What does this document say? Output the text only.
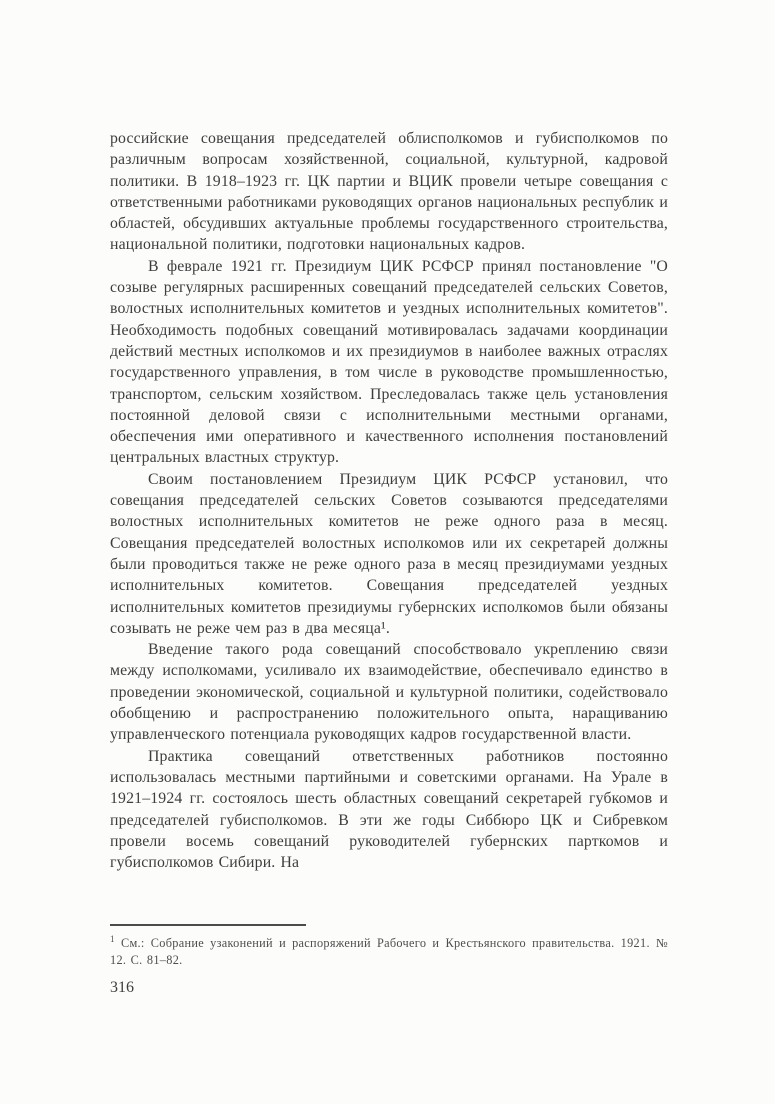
российские совещания председателей облисполкомов и губисполкомов по различным вопросам хозяйственной, социальной, культурной, кадровой политики. В 1918–1923 гг. ЦК партии и ВЦИК провели четыре совещания с ответственными работниками руководящих органов национальных республик и областей, обсудивших актуальные проблемы государственного строительства, национальной политики, подготовки национальных кадров.

В феврале 1921 гг. Президиум ЦИК РСФСР принял постановление "О созыве регулярных расширенных совещаний председателей сельских Советов, волостных исполнительных комитетов и уездных исполнительных комитетов". Необходимость подобных совещаний мотивировалась задачами координации действий местных исполкомов и их президиумов в наиболее важных отраслях государственного управления, в том числе в руководстве промышленностью, транспортом, сельским хозяйством. Преследовалась также цель установления постоянной деловой связи с исполнительными местными органами, обеспечения ими оперативного и качественного исполнения постановлений центральных властных структур.

Своим постановлением Президиум ЦИК РСФСР установил, что совещания председателей сельских Советов созываются председателями волостных исполнительных комитетов не реже одного раза в месяц. Совещания председателей волостных исполкомов или их секретарей должны были проводиться также не реже одного раза в месяц президиумами уездных исполнительных комитетов. Совещания председателей уездных исполнительных комитетов президиумы губернских исполкомов были обязаны созывать не реже чем раз в два месяца¹.

Введение такого рода совещаний способствовало укреплению связи между исполкомами, усиливало их взаимодействие, обеспечивало единство в проведении экономической, социальной и культурной политики, содействовало обобщению и распространению положительного опыта, наращиванию управленческого потенциала руководящих кадров государственной власти.

Практика совещаний ответственных работников постоянно использовалась местными партийными и советскими органами. На Урале в 1921–1924 гг. состоялось шесть областных совещаний секретарей губкомов и председателей губисполкомов. В эти же годы Сиббюро ЦК и Сибревком провели восемь совещаний руководителей губернских парткомов и губисполкомов Сибири. На

$^1$ См.: Собрание узаконений и распоряжений Рабочего и Крестьянского правительства. 1921. № 12. С. 81–82.

316
